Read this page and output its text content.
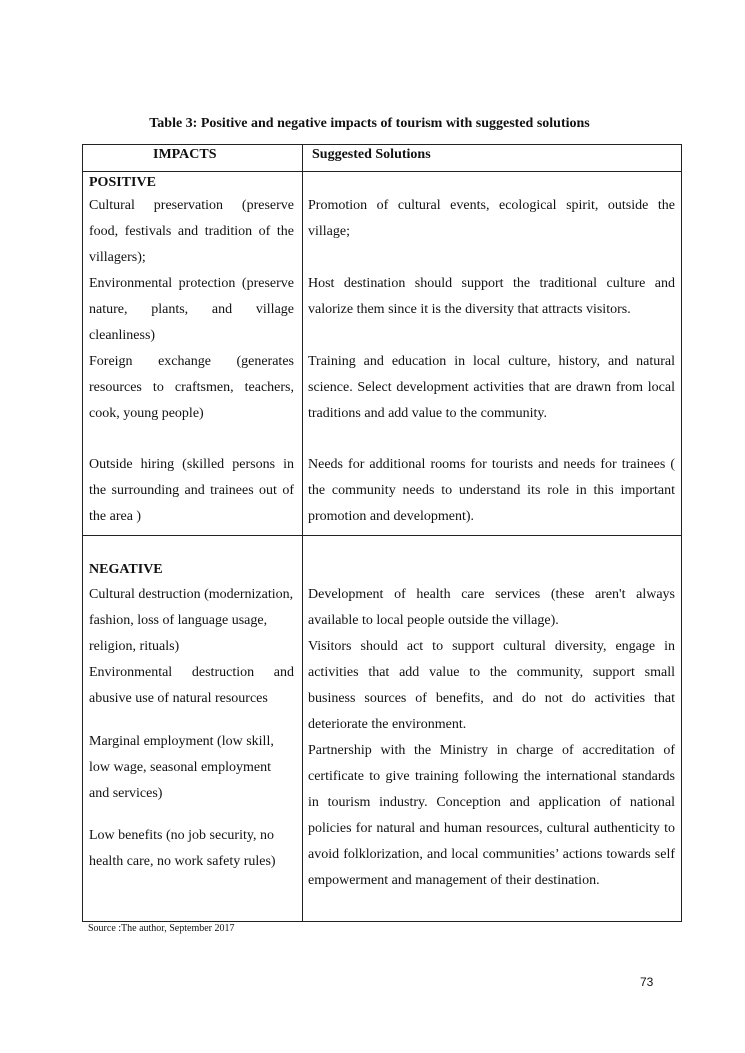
Table 3: Positive and negative impacts of tourism with suggested solutions
IMPACTS	Suggested Solutions
POSITIVE
Cultural preservation (preserve food, festivals and tradition of the villagers);
Promotion of cultural events, ecological spirit, outside the village;
Environmental protection (preserve nature, plants, and village cleanliness)
Host destination should support the traditional culture and valorize them since it is the diversity that attracts visitors.
Foreign exchange (generates resources to craftsmen, teachers, cook, young people)
Training and education in local culture, history, and natural science. Select development activities that are drawn from local traditions and add value to the community.
Outside hiring (skilled persons in the surrounding and trainees out of the area )
Needs for additional rooms for tourists and needs for trainees ( the community needs to understand its role in this important promotion and development).
NEGATIVE
Cultural destruction (modernization, fashion, loss of language usage, religion, rituals)
Environmental destruction and abusive use of natural resources
Marginal employment (low skill, low wage, seasonal employment and services)
Low benefits (no job security, no health care, no work safety rules)
Development of health care services (these aren't always available to local people outside the village).
Visitors should act to support cultural diversity, engage in activities that add value to the community, support small business sources of benefits, and do not do activities that deteriorate the environment.
Partnership with the Ministry in charge of accreditation of certificate to give training following the international standards in tourism industry. Conception and application of national policies for natural and human resources, cultural authenticity to avoid folklorization, and local communities’ actions towards self empowerment and management of their destination.
Source :The author, September 2017
73
